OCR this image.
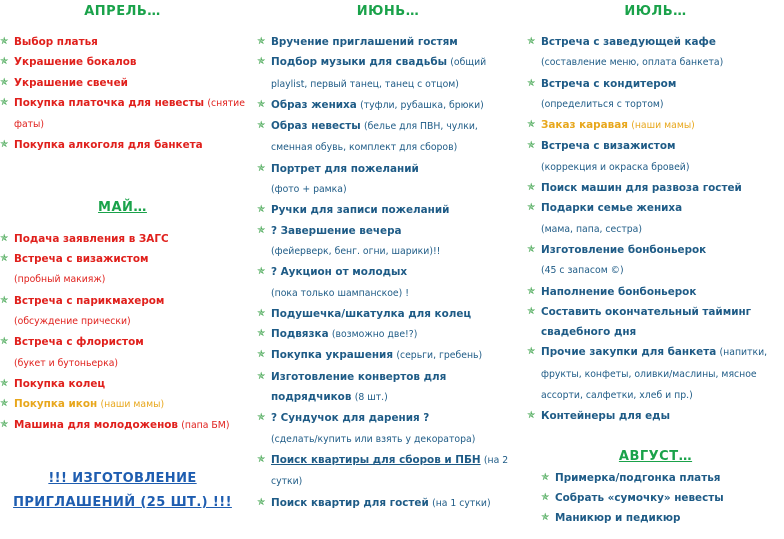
АПРЕЛЬ…
✯ Выбор платья
✯ Украшение бокалов
✯ Украшение свечей
✯ Покупка платочка для невесты (снятие фаты)
✯ Покупка алкоголя для банкета
МАЙ…
✯ Подача заявления в ЗАГС
✯ Встреча с визажистом
(пробный макияж)
✯ Встреча с парикмахером
(обсуждение прически)
✯ Встреча с флористом
(букет и бутоньерка)
✯ Покупка колец
✯ Покупка икон (наши мамы)
✯ Машина для молодоженов (папа БМ)
!!! ИЗГОТОВЛЕНИЕ
ПРИГЛАШЕНИЙ (25 ШТ.) !!!
ИЮНЬ…
✯ Вручение приглашений гостям
✯ Подбор музыки для свадьбы (общий playlist, первый танец, танец с отцом)
✯ Образ жениха (туфли, рубашка, брюки)
✯ Образ невесты (белье для ПВН, чулки, сменная обувь, комплект для сборов)
✯ Портрет для пожеланий
(фото + рамка)
✯ Ручки для записи пожеланий
✯ ? Завершение вечера
(фейерверк, бенг. огни, шарики)!!
✯ ? Аукцион от молодых
(пока только шампанское) !
✯ Подушечка/шкатулка для колец
✯ Подвязка (возможно две!?)
✯ Покупка украшения (серьги, гребень)
✯ Изготовление конвертов для подрядчиков (8 шт.)
✯ ? Сундучок для дарения ?
(сделать/купить или взять у декоратора)
✯ Поиск квартиры для сборов и ПБН (на 2 сутки)
✯ Поиск квартир для гостей (на 1 сутки)
ИЮЛЬ…
✯ Встреча с заведующей кафе (составление меню, оплата банкета)
✯ Встреча с кондитером
(определиться с тортом)
✯ Заказ каравая (наши мамы)
✯ Встреча с визажистом
(коррекция и окраска бровей)
✯ Поиск машин для развоза гостей
✯ Подарки семье жениха
(мама, папа, сестра)
✯ Изготовление бонбоньерок
(45 с запасом ©)
✯ Наполнение бонбоньерок
✯ Составить окончательный тайминг свадебного дня
✯ Прочие закупки для банкета (напитки, фрукты, конфеты, оливки/маслины, мясное ассорти, салфетки, хлеб и пр.)
✯ Контейнеры для еды
АВГУСТ…
✯ Примерка/подгонка платья
✯ Собрать «сумочку» невесты
✯ Маникюр и педикюр
